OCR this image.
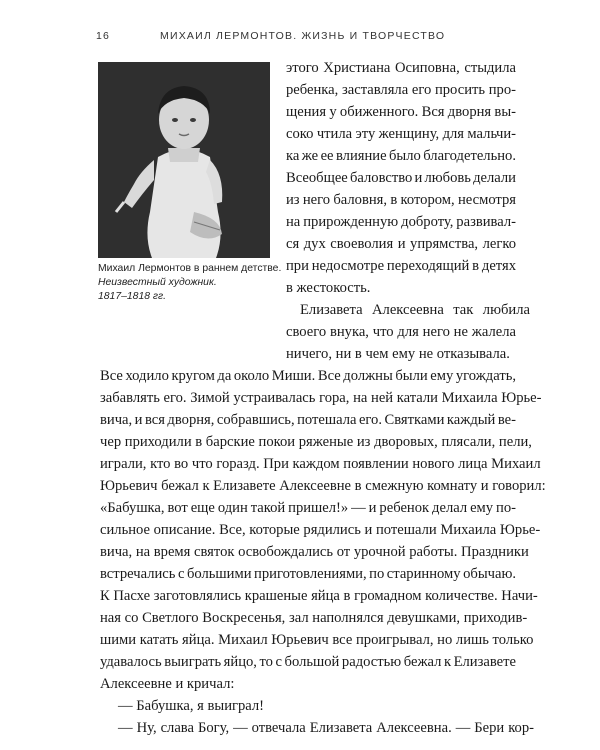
16	МИХАИЛ ЛЕРМОНТОВ. ЖИЗНЬ И ТВОРЧЕСТВО
Михаил Лермонтов в раннем детстве.
Неизвестный художник.
1817–1818 гг.
этого Христиана Осиповна, стыдила
ребенка, заставляла его просить про-
щения у обиженного. Вся дворня вы-
соко чтила эту женщину, для мальчи-
ка же ее влияние было благодетельно.
Всеобщее баловство и любовь делали
из него баловня, в котором, несмотря
на прирожденную доброту, развивал-
ся дух своеволия и упрямства, легко
при недосмотре переходящий в детях
в жестокость.
Елизавета Алексеевна так любила
своего внука, что для него не жалела
ничего, ни в чем ему не отказывала.
Все ходило кругом да около Миши. Все должны были ему угождать,
забавлять его. Зимой устраивалась гора, на ней катали Михаила Юрье-
вича, и вся дворня, собравшись, потешала его. Святками каждый ве-
чер приходили в барские покои ряженые из дворовых, плясали, пели,
играли, кто во что горазд. При каждом появлении нового лица Михаил
Юрьевич бежал к Елизавете Алексеевне в смежную комнату и говорил:
«Бабушка, вот еще один такой пришел!» — и ребенок делал ему по-
сильное описание. Все, которые рядились и потешали Михаила Юрье-
вича, на время святок освобождались от урочной работы. Праздники
встречались с большими приготовлениями, по старинному обычаю.
К Пасхе заготовлялись крашеные яйца в громадном количестве. Начи-
ная со Светлого Воскресенья, зал наполнялся девушками, приходив-
шими катать яйца. Михаил Юрьевич все проигрывал, но лишь только
удавалось выиграть яйцо, то с большой радостью бежал к Елизавете
Алексеевне и кричал:
— Бабушка, я выиграл!
— Ну, слава Богу, — отвечала Елизавета Алексеевна. — Бери кор-
